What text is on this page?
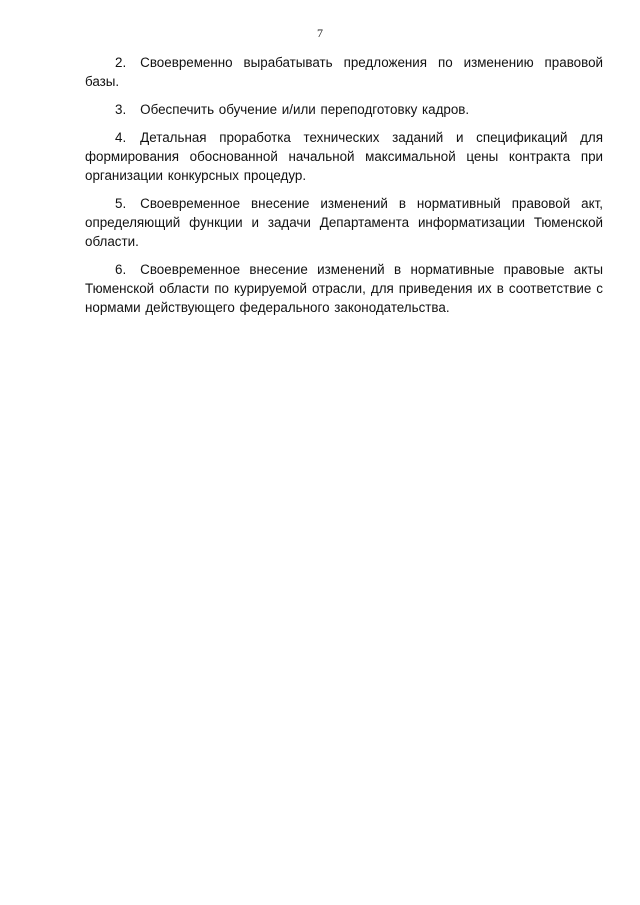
7

2. Своевременно вырабатывать предложения по изменению правовой базы.

3. Обеспечить обучение и/или переподготовку кадров.

4. Детальная проработка технических заданий и спецификаций для формирования обоснованной начальной максимальной цены контракта при организации конкурсных процедур.

5. Своевременное внесение изменений в нормативный правовой акт, определяющий функции и задачи Департамента информатизации Тюменской области.

6. Своевременное внесение изменений в нормативные правовые акты Тюменской области по курируемой отрасли, для приведения их в соответствие с нормами действующего федерального законодательства.
